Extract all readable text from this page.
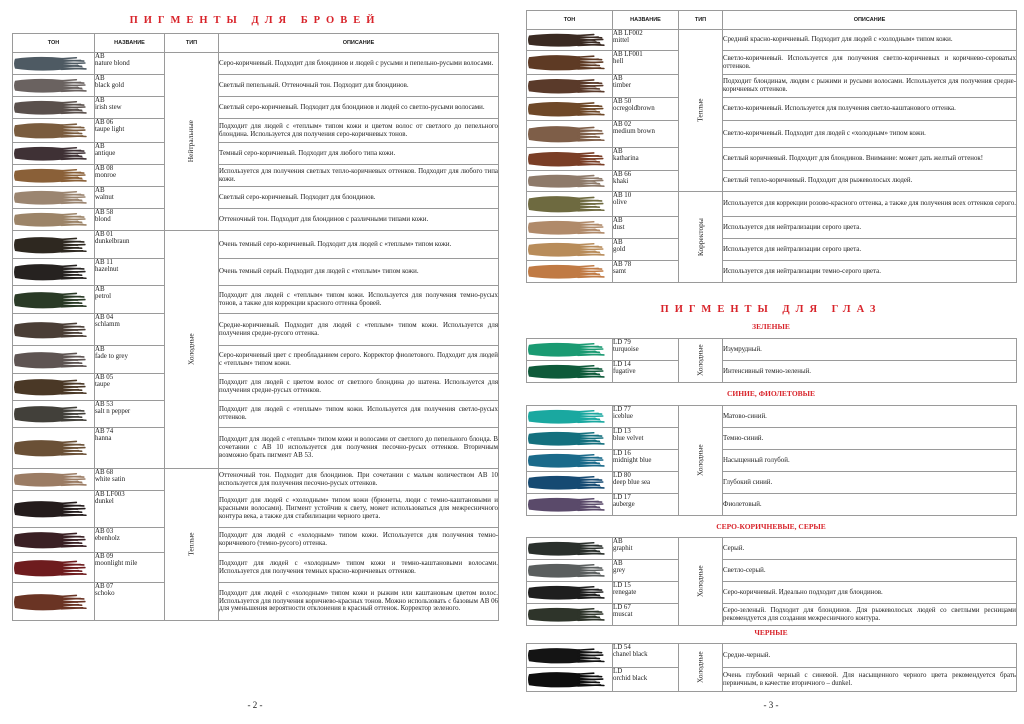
ПИГМЕНТЫ ДЛЯ БРОВЕЙ
ТОН	НАЗВАНИЕ	ТИП	ОПИСАНИЕ

	AB
nature blond	Нейтральные	Серо-коричневый. Подходит для блондинов и людей с русыми и пепельно-русыми волосами.

	AB
black gold		Светлый пепельный. Оттеночный тон. Подходит для блондинов.

	AB
irish stew		Светлый серо-коричневый. Подходит для блондинов и людей со светло-русыми волосами.

	AB 06
taupe light		Подходит для людей с «теплым» типом кожи и цветом волос от светлого до пепельного блондина. Используется для получения серо-коричневых тонов.

	AB
antique		Темный серо-коричневый. Подходит для любого типа кожи.

	AB 08
monroe		Используется для получения светлых тепло-коричневых оттенков. Подходит для любого типа кожи.

	AB
walnut		Светлый серо-коричневый. Подходит для блондинов.

	AB 58
blond		Оттеночный тон. Подходит для блондинов с различными типами кожи.

	AB 01
dunkelbraun	Холодные	Очень темный серо-коричневый. Подходит для людей с «теплым» типом кожи.

	AB 11
hazelnut		Очень темный серый. Подходит для людей с «теплым» типом кожи.

	AB
petrol		Подходит для людей с «теплым» типом кожи. Используется для получения темно-русых тонов, а также для коррекции красного оттенка бровей.

	AB 04
schlamm		Средне-коричневый. Подходит для людей с «теплым» типом кожи. Используется для получения средне-русого оттенка.

	AB
fade to grey		Серо-коричневый цвет с преобладанием серого. Корректор фиолетового. Подходит для людей с «теплым» типом кожи.

	AB 05
taupe		Подходит для людей с цветом волос от светлого блондина до шатена. Используется для получения средне-русых оттенков.

	AB 53
salt n pepper		Подходит для людей с «теплым» типом кожи. Используется для получения светло-русых оттенков.

	AB 74
hanna		Подходит для людей с «теплым» типом кожи и волосами от светлого до пепельного блонда. В сочетании с AB 10 используется для получения песочно-русых оттенков. Вторичным возможно брать пигмент AB 53.

	AB 68
white satin	Теплые	Оттеночный тон. Подходит для блондинов. При сочетании с малым количеством AB 10 используется для получения песочно-русых оттенков.

	AB LF003
dunkel		Подходит для людей с «холодным» типом кожи (брюнеты, люди с темно-каштановыми и красными волосами). Пигмент устойчив к свету, может использоваться для межресничного контура века, а также для стабилизации черного цвета.

	AB 03
ebenholz		Подходит для людей с «холодным» типом кожи. Используется для получения темно-коричневого (темно-русого) оттенка.

	AB 09
moonlight mile		Подходит для людей с «холодным» типом кожи и темно-каштановыми волосами. Используется для получения темных красно-коричневых оттенков.

	AB 07
schoko		Подходит для людей с «холодным» типом кожи и рыжим или каштановым цветом волос. Используется для получения коричнево-красных тонов. Можно использовать с базовым AB 06 для уменьшения вероятности отклонения в красный оттенок. Корректор зеленого.
- 2 -
ТОН	НАЗВАНИЕ	ТИП	ОПИСАНИЕ

	AB LF002
mittel	Теплые	Средний красно-коричневый. Подходит для людей с «холодным» типом кожи.

	AB LF001
hell		Светло-коричневый. Используется для получения светло-коричневых и коричнево-сероватых оттенков.

	AB
timber		Подходит блондинам, людям с рыжими и русыми волосами. Используется для получения средне-коричневых оттенков.

	AB 50
ocregoldbrown		Светло-коричневый. Используется для получения светло-каштанового оттенка.

	AB 02
medium brown		Светло-коричневый. Подходит для людей с «холодным» типом кожи.

	AB
katharina		Светлый коричневый. Подходит для блондинов. Внимание: может дать желтый оттенок!

	AB 66
khaki		Светлый тепло-коричневый. Подходит для рыжеволосых людей.

	AB 10
olive	Корректоры	Используется для коррекции розово-красного оттенка, а также для получения всех оттенков серого.

	AB
dust		Используется для нейтрализации серого цвета.

	AB
gold		Используется для нейтрализации серого цвета.

	AB 78
samt		Используется для нейтрализации темно-серого цвета.
ПИГМЕНТЫ ДЛЯ ГЛАЗ
ЗЕЛЕНЫЕ
	LD 79
turquoise	Холодные	Изумрудный.

	LD 14
fugative		Интенсивный темно-зеленый.
СИНИЕ, ФИОЛЕТОВЫЕ
	LD 77
iceblue	Холодные	Матово-синий.

	LD 13
blue velvet		Темно-синий.

	LD 16
midnight blue		Насыщенный голубой.

	LD 80
deep blue sea		Глубокий синий.

	LD 17
auberge		Фиолетовый.
СЕРО-КОРИЧНЕВЫЕ, СЕРЫЕ
	AB
graphit	Холодные	Серый.

	AB
grey		Светло-серый.

	LD 15
renegate		Серо-коричневый. Идеально подходит для блондинов.

	LD 67
muscat		Серо-зеленый. Подходит для блондинов. Для рыжеволосых людей со светлыми ресницами рекомендуется для создания межресничного контура.
ЧЕРНЫЕ
	LD 54
chanel black	Холодные	Средне-черный.

	LD
orchid black		Очень глубокий черный с синевой. Для насыщенного черного цвета рекомендуется брать первичным, в качестве вторичного – dunkel.
- 3 -
